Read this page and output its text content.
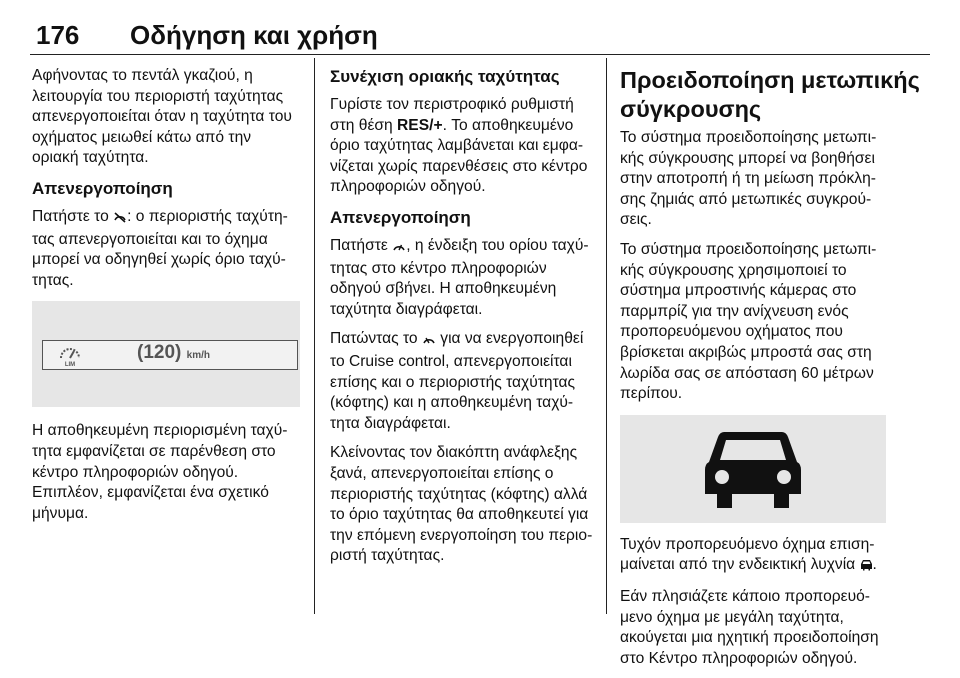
176 Οδήγηση και χρήση

Αφήνοντας το πεντάλ γκαζιού, η
λειτουργία του περιοριστή ταχύτητας
απενεργοποιείται όταν η ταχύτητα του
οχήματος μειωθεί κάτω από την
οριακή ταχύτητα.

Απενεργοποίηση

Πατήστε το : ο περιοριστής ταχύτη-
τας απενεργοποιείται και το όχημα
μπορεί να οδηγηθεί χωρίς όριο ταχύ-
τητας.

LIM
(120) km/h

Η αποθηκευμένη περιορισμένη ταχύ-
τητα εμφανίζεται σε παρένθεση στο
κέντρο πληροφοριών οδηγού.
Επιπλέον, εμφανίζεται ένα σχετικό
μήνυμα.

Συνέχιση οριακής ταχύτητας

Γυρίστε τον περιστροφικό ρυθμιστή
στη θέση RES/+. Το αποθηκευμένο
όριο ταχύτητας λαμβάνεται και εμφα-
νίζεται χωρίς παρενθέσεις στο κέντρο
πληροφοριών οδηγού.

Απενεργοποίηση

Πατήστε , η ένδειξη του ορίου ταχύ-
τητας στο κέντρο πληροφοριών
οδηγού σβήνει. Η αποθηκευμένη
ταχύτητα διαγράφεται.

Πατώντας το  για να ενεργοποιηθεί
το Cruise control, απενεργοποιείται
επίσης και ο περιοριστής ταχύτητας
(κόφτης) και η αποθηκευμένη ταχύ-
τητα διαγράφεται.

Κλείνοντας τον διακόπτη ανάφλεξης
ξανά, απενεργοποιείται επίσης ο
περιοριστής ταχύτητας (κόφτης) αλλά
το όριο ταχύτητας θα αποθηκευτεί για
την επόμενη ενεργοποίηση του περιο-
ριστή ταχύτητας.

Προειδοποίηση μετωπικής
σύγκρουσης

Το σύστημα προειδοποίησης μετωπι-
κής σύγκρουσης μπορεί να βοηθήσει
στην αποτροπή ή τη μείωση πρόκλη-
σης ζημιάς από μετωπικές συγκρού-
σεις.

Το σύστημα προειδοποίησης μετωπι-
κής σύγκρουσης χρησιμοποιεί το
σύστημα μπροστινής κάμερας στο
παρμπρίζ για την ανίχνευση ενός
προπορευόμενου οχήματος που
βρίσκεται ακριβώς μπροστά σας στη
λωρίδα σας σε απόσταση 60 μέτρων
περίπου.

Τυχόν προπορευόμενο όχημα επιση-
μαίνεται από την ενδεικτική λυχνία .

Εάν πλησιάζετε κάποιο προπορευό-
μενο όχημα με μεγάλη ταχύτητα,
ακούγεται μια ηχητική προειδοποίηση
στο Κέντρο πληροφοριών οδηγού.
